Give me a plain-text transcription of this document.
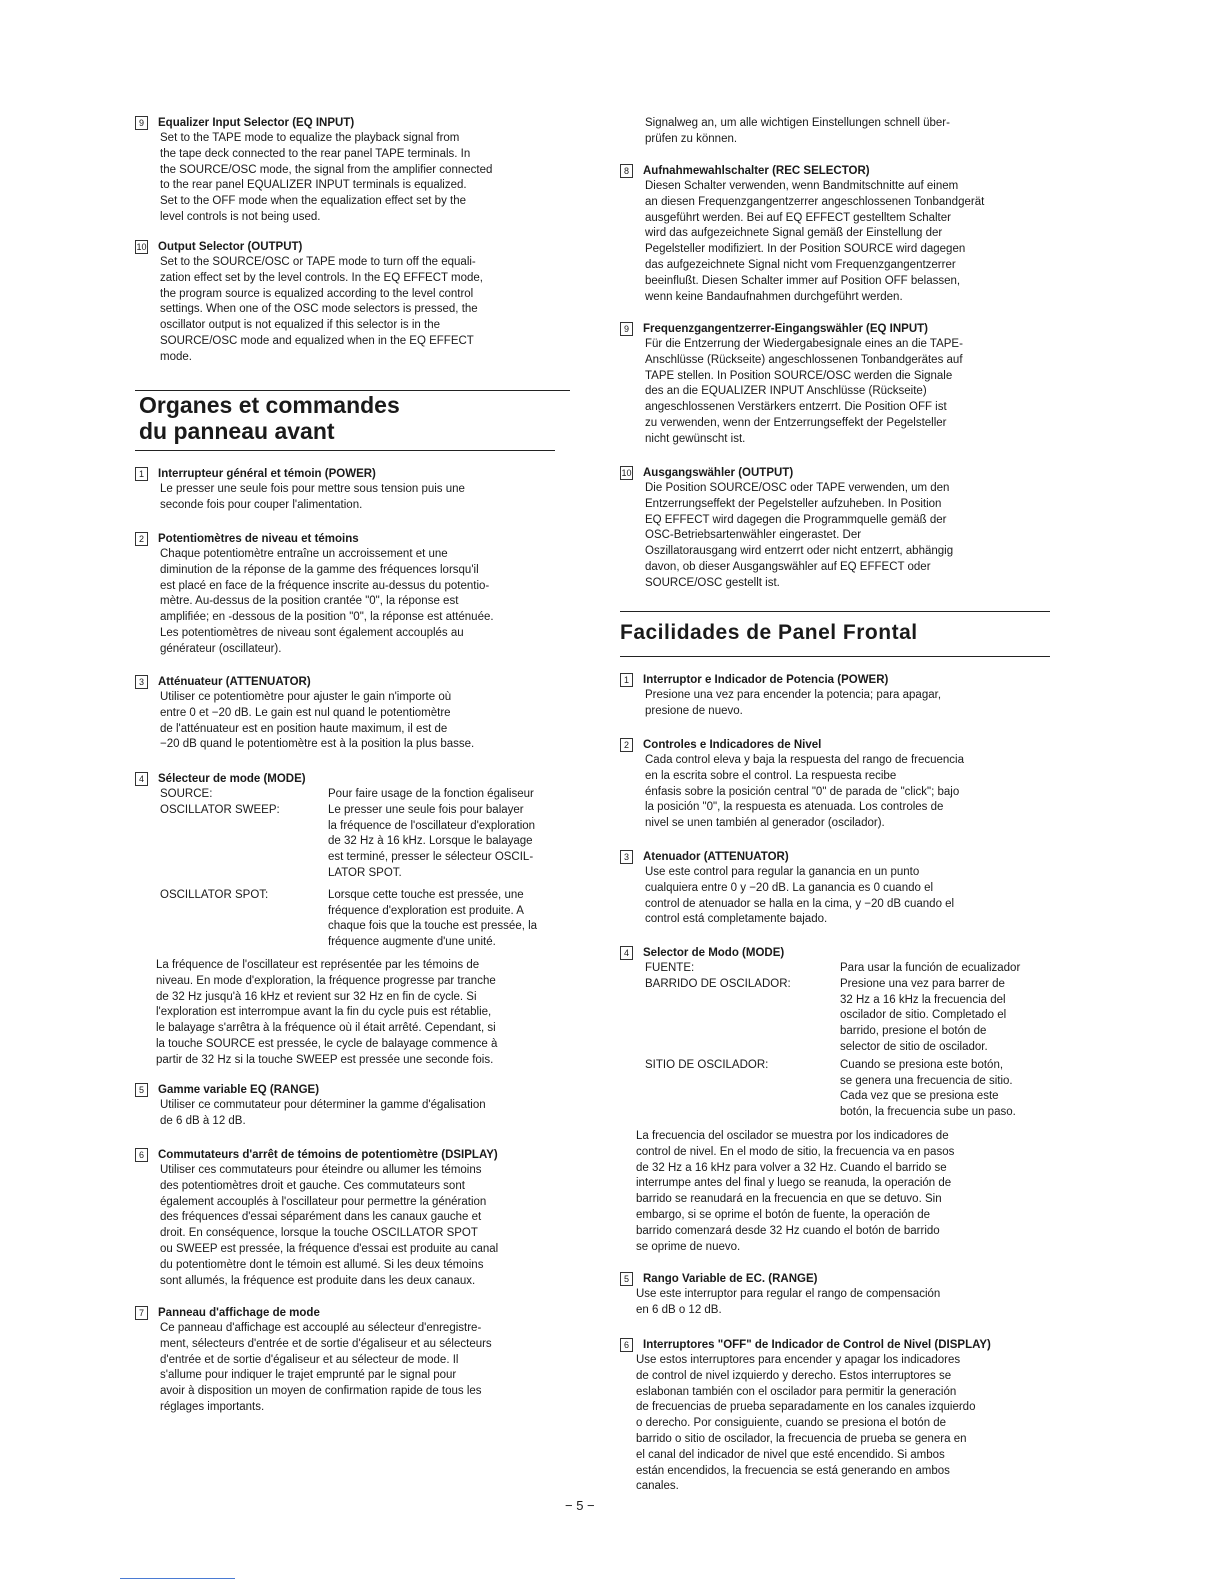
9	Equalizer Input Selector (EQ INPUT)
Set to the TAPE mode to equalize the playback signal from
the tape deck connected to the rear panel TAPE terminals. In
the SOURCE/OSC mode, the signal from the amplifier connected
to the rear panel EQUALIZER INPUT terminals is equalized.
Set to the OFF mode when the equalization effect set by the
level controls is not being used.
10 Output Selector (OUTPUT)
Set to the SOURCE/OSC or TAPE mode to turn off the equali-
zation effect set by the level controls. In the EQ EFFECT mode,
the program source is equalized according to the level control
settings. When one of the OSC mode selectors is pressed, the
oscillator output is not equalized if this selector is in the
SOURCE/OSC mode and equalized when in the EQ EFFECT
mode.
Organes et commandes
du panneau avant
1	Interrupteur général et témoin (POWER)
Le presser une seule fois pour mettre sous tension puis une
seconde fois pour couper l'alimentation.
2	Potentiomètres de niveau et témoins
Chaque potentiomètre entraîne un accroissement et une
diminution de la réponse de la gamme des fréquences lorsqu'il
est placé en face de la fréquence inscrite au-dessus du potentio-
mètre. Au-dessus de la position crantée "0", la réponse est
amplifiée; en -dessous de la position "0", la réponse est atténuée.
Les potentiomètres de niveau sont également accouplés au
générateur (oscillateur).
3	Atténuateur (ATTENUATOR)
Utiliser ce potentiomètre pour ajuster le gain n'importe où
entre 0 et −20 dB. Le gain est nul quand le potentiomètre
de l'atténuateur est en position haute maximum, il est de
−20 dB quand le potentiomètre est à la position la plus basse.
4	Sélecteur de mode (MODE)
SOURCE:	Pour faire usage de la fonction égaliseur
OSCILLATOR SWEEP:	Le presser une seule fois pour balayer
la fréquence de l'oscillateur d'exploration
de 32 Hz à 16 kHz. Lorsque le balayage
est terminé, presser le sélecteur OSCIL-
LATOR SPOT.
OSCILLATOR SPOT:	Lorsque cette touche est pressée, une
fréquence d'exploration est produite. A
chaque fois que la touche est pressée, la
fréquence augmente d'une unité.
La fréquence de l'oscillateur est représentée par les témoins de
niveau. En mode d'exploration, la fréquence progresse par tranche
de 32 Hz jusqu'à 16 kHz et revient sur 32 Hz en fin de cycle. Si
l'exploration est interrompue avant la fin du cycle puis est rétablie,
le balayage s'arrêtra à la fréquence où il était arrêté. Cependant, si
la touche SOURCE est pressée, le cycle de balayage commence à
partir de 32 Hz si la touche SWEEP est pressée une seconde fois.
5	Gamme variable EQ (RANGE)
Utiliser ce commutateur pour déterminer la gamme d'égalisation
de 6 dB à 12 dB.
6	Commutateurs d'arrêt de témoins de potentiomètre (DSIPLAY)
Utiliser ces commutateurs pour éteindre ou allumer les témoins
des potentiomètres droit et gauche. Ces commutateurs sont
également accouplés à l'oscillateur pour permettre la génération
des fréquences d'essai séparément dans les canaux gauche et
droit. En conséquence, lorsque la touche OSCILLATOR SPOT
ou SWEEP est pressée, la fréquence d'essai est produite au canal
du potentiomètre dont le témoin est allumé. Si les deux témoins
sont allumés, la fréquence est produite dans les deux canaux.
7	Panneau d'affichage de mode
Ce panneau d'affichage est accouplé au sélecteur d'enregistre-
ment, sélecteurs d'entrée et de sortie d'égaliseur et au sélecteurs
d'entrée et de sortie d'égaliseur et au sélecteur de mode. Il
s'allume pour indiquer le trajet emprunté par le signal pour
avoir à disposition un moyen de confirmation rapide de tous les
réglages importants.
Signalweg an, um alle wichtigen Einstellungen schnell über-
prüfen zu können.
8	Aufnahmewahlschalter (REC SELECTOR)
Diesen Schalter verwenden, wenn Bandmitschnitte auf einem
an diesen Frequenzgangentzerrer angeschlossenen Tonbandgerät
ausgeführt werden. Bei auf EQ EFFECT gestelltem Schalter
wird das aufgezeichnete Signal gemäß der Einstellung der
Pegelsteller modifiziert. In der Position SOURCE wird dagegen
das aufgezeichnete Signal nicht vom Frequenzgangentzerrer
beeinflußt. Diesen Schalter immer auf Position OFF belassen,
wenn keine Bandaufnahmen durchgeführt werden.
9	Frequenzgangentzerrer-Eingangswähler (EQ INPUT)
Für die Entzerrung der Wiedergabesignale eines an die TAPE-
Anschlüsse (Rückseite) angeschlossenen Tonbandgerätes auf
TAPE stellen. In Position SOURCE/OSC werden die Signale
des an die EQUALIZER INPUT Anschlüsse (Rückseite)
angeschlossenen Verstärkers entzerrt. Die Position OFF ist
zu verwenden, wenn der Entzerrungseffekt der Pegelsteller
nicht gewünscht ist.
10 Ausgangswähler (OUTPUT)
Die Position SOURCE/OSC oder TAPE verwenden, um den
Entzerrungseffekt der Pegelsteller aufzuheben. In Position
EQ EFFECT wird dagegen die Programmquelle gemäß der
OSC-Betriebsartenwähler eingerastet. Der
Oszillatorausgang wird entzerrt oder nicht entzerrt, abhängig
davon, ob dieser Ausgangswähler auf EQ EFFECT oder
SOURCE/OSC gestellt ist.
Facilidades de Panel Frontal
1	Interruptor e Indicador de Potencia (POWER)
Presione una vez para encender la potencia; para apagar,
presione de nuevo.
2	Controles e Indicadores de Nivel
Cada control eleva y baja la respuesta del rango de frecuencia
en la escrita sobre el control. La respuesta recibe
énfasis sobre la posición central "0" de parada de "click"; bajo
la posición "0", la respuesta es atenuada. Los controles de
nivel se unen también al generador (oscilador).
3	Atenuador (ATTENUATOR)
Use este control para regular la ganancia en un punto
cualquiera entre 0 y −20 dB. La ganancia es 0 cuando el
control de atenuador se halla en la cima, y −20 dB cuando el
control está completamente bajado.
4	Selector de Modo (MODE)
FUENTE:	Para usar la función de ecualizador
BARRIDO DE OSCILADOR:	Presione una vez para barrer de
32 Hz a 16 kHz la frecuencia del
oscilador de sitio. Completado el
barrido, presione el botón de
selector de sitio de oscilador.
SITIO DE OSCILADOR:	Cuando se presiona este botón,
se genera una frecuencia de sitio.
Cada vez que se presiona este
botón, la frecuencia sube un paso.
La frecuencia del oscilador se muestra por los indicadores de
control de nivel. En el modo de sitio, la frecuencia va en pasos
de 32 Hz a 16 kHz para volver a 32 Hz. Cuando el barrido se
interrumpe antes del final y luego se reanuda, la operación de
barrido se reanudará en la frecuencia en que se detuvo. Sin
embargo, si se oprime el botón de fuente, la operación de
barrido comenzará desde 32 Hz cuando el botón de barrido
se oprime de nuevo.
5	Rango Variable de EC. (RANGE)
Use este interruptor para regular el rango de compensación
en 6 dB o 12 dB.
6	Interruptores "OFF" de Indicador de Control de Nivel (DISPLAY)
Use estos interruptores para encender y apagar los indicadores
de control de nivel izquierdo y derecho. Estos interruptores se
eslabonan también con el oscilador para permitir la generación
de frecuencias de prueba separadamente en los canales izquierdo
o derecho. Por consiguiente, cuando se presiona el botón de
barrido o sitio de oscilador, la frecuencia de prueba se genera en
el canal del indicador de nivel que esté encendido. Si ambos
están encendidos, la frecuencia se está generando en ambos
canales.
− 5 −
